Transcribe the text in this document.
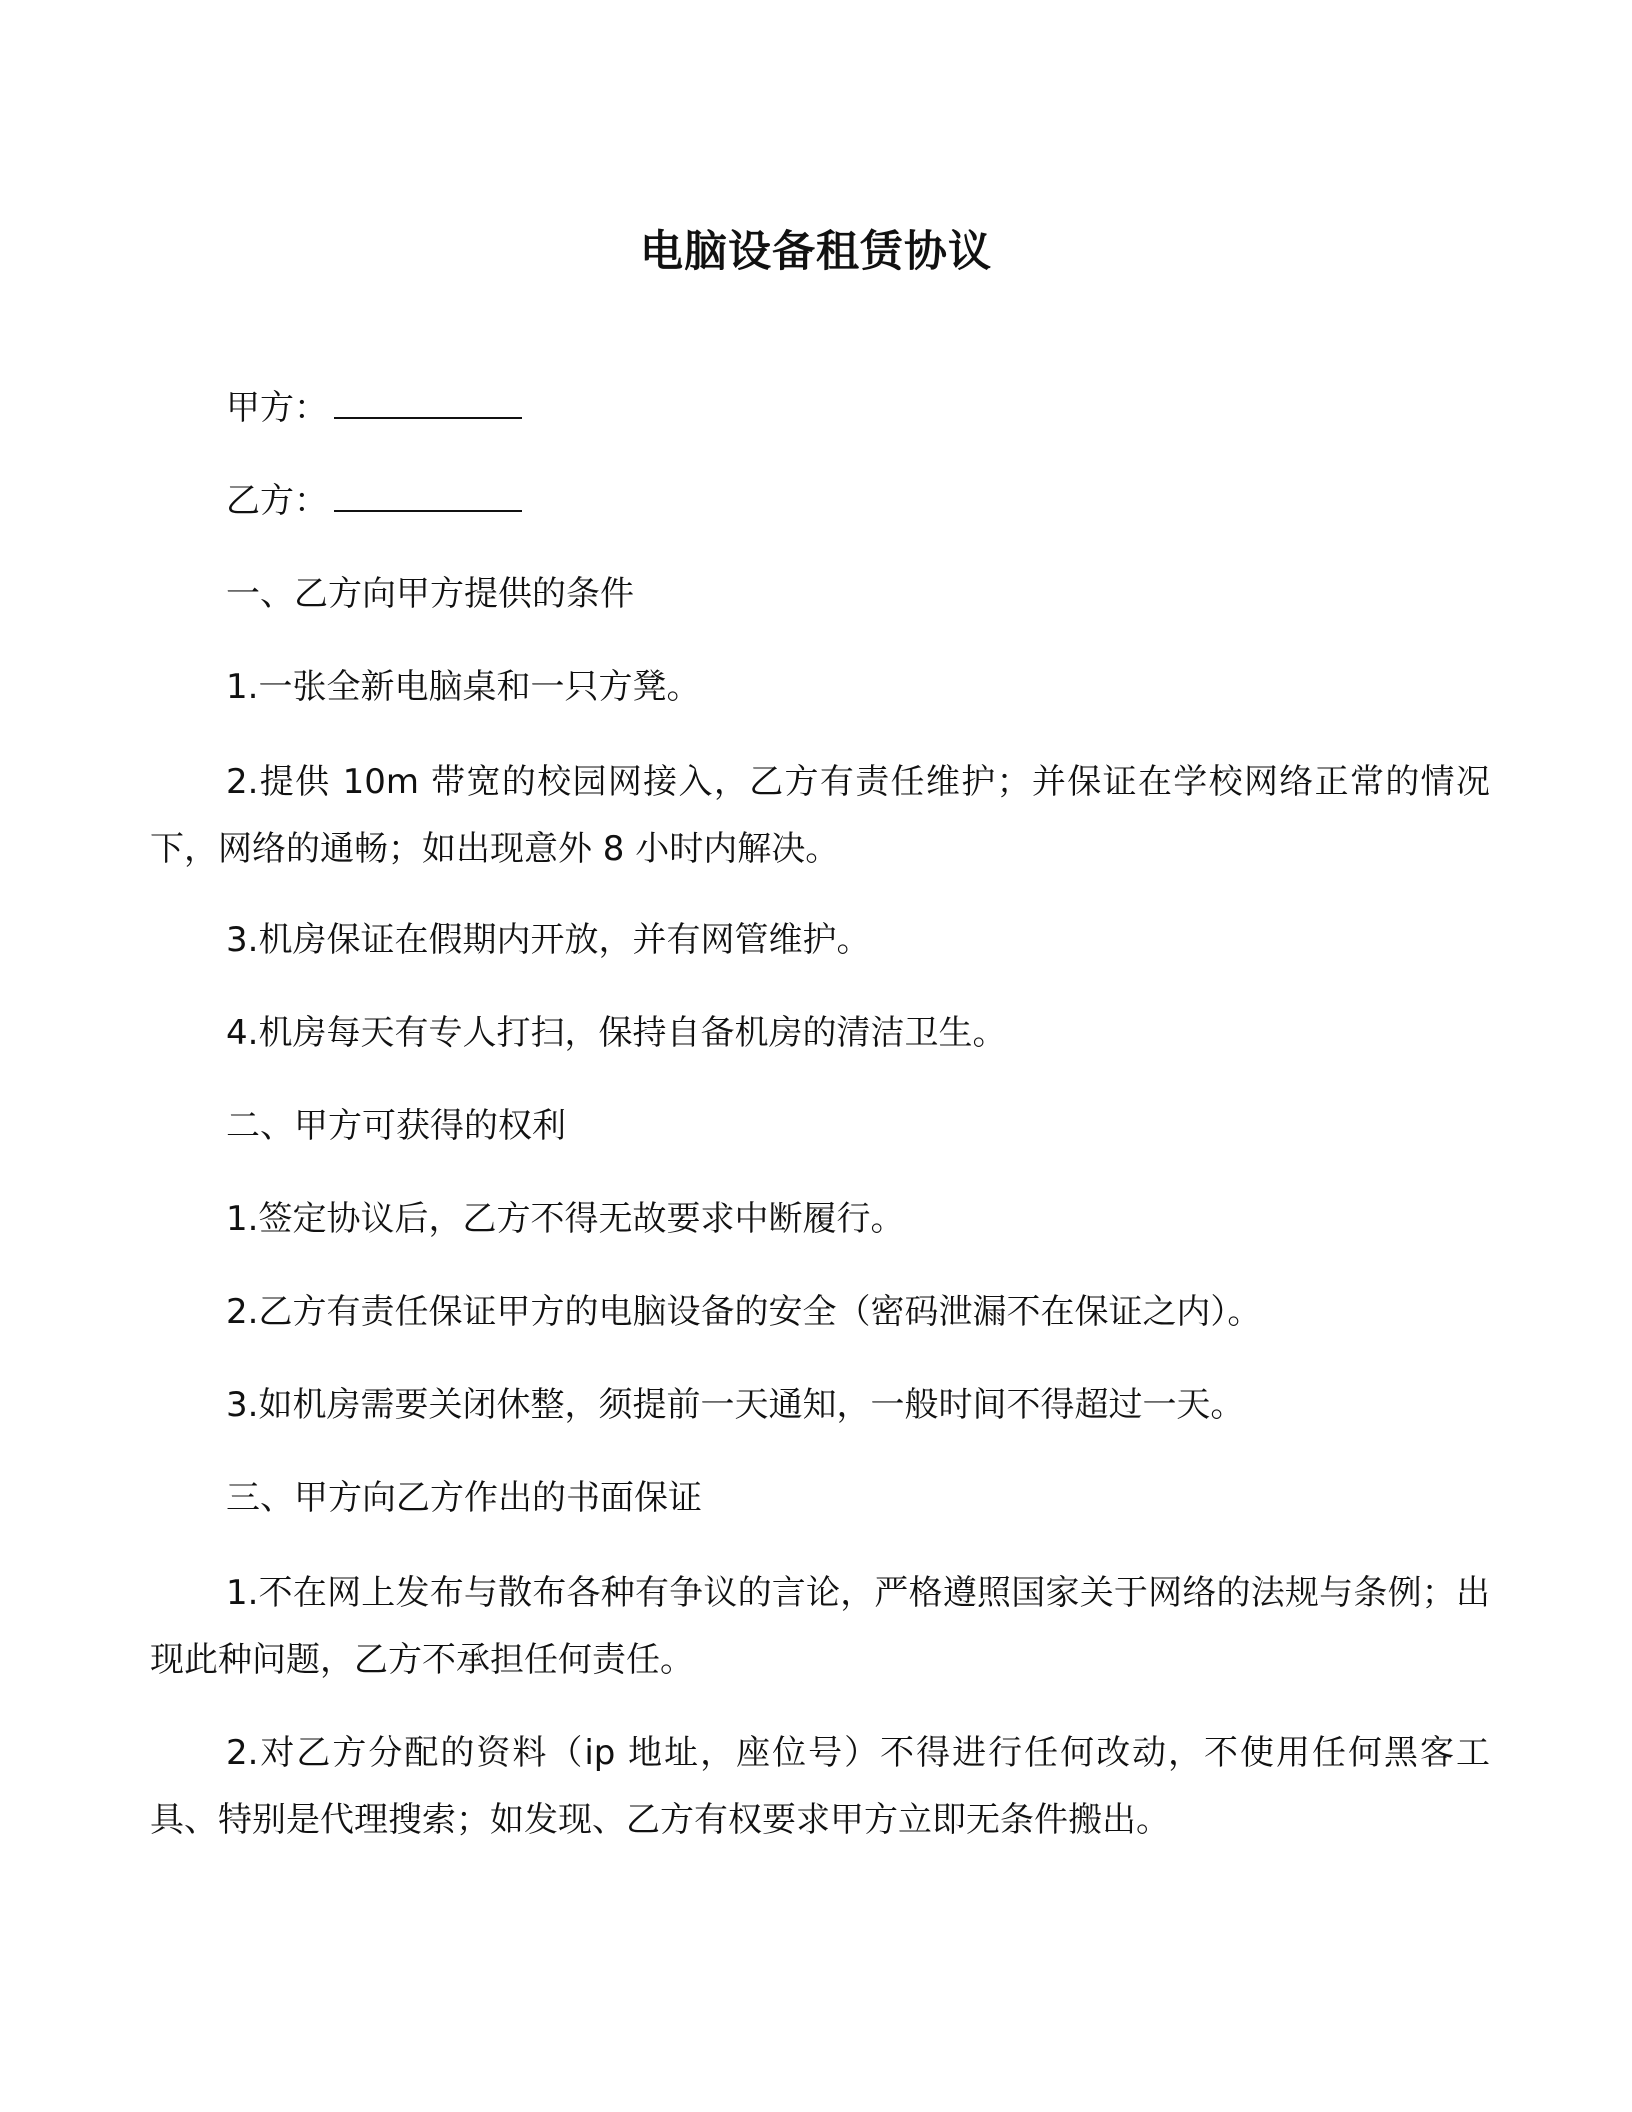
电脑设备租赁协议
甲方：
乙方：
一、乙方向甲方提供的条件
1.一张全新电脑桌和一只方凳。
2.提供 10m 带宽的校园网接入，乙方有责任维护；并保证在学校网络正常的情况下，网络的通畅；如出现意外 8 小时内解决。
3.机房保证在假期内开放，并有网管维护。
4.机房每天有专人打扫，保持自备机房的清洁卫生。
二、甲方可获得的权利
1.签定协议后，乙方不得无故要求中断履行。
2.乙方有责任保证甲方的电脑设备的安全（密码泄漏不在保证之内）。
3.如机房需要关闭休整，须提前一天通知，一般时间不得超过一天。
三、甲方向乙方作出的书面保证
1.不在网上发布与散布各种有争议的言论，严格遵照国家关于网络的法规与条例；出现此种问题，乙方不承担任何责任。
2.对乙方分配的资料（ip 地址，座位号）不得进行任何改动，不使用任何黑客工具、特别是代理搜索；如发现、乙方有权要求甲方立即无条件搬出。
